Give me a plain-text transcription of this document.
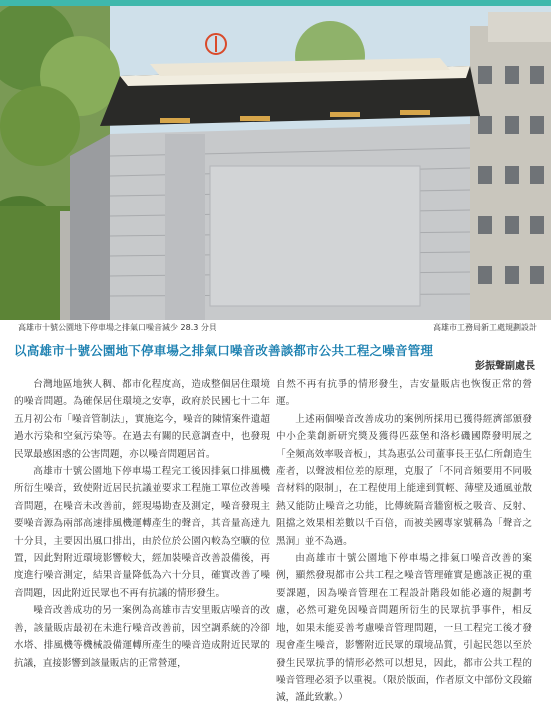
高雄市十號公園地下停車場之排氣口噪音減少 28.3 分貝	高雄市工務局新工處規劃設計
以高雄市十號公園地下停車場之排氣口噪音改善談都市公共工程之噪音管理
彭振聲副處長

台灣地區地狹人稠、都市化程度高，造成整個居住環境的噪音問題。為確保居住環境之安寧，政府於民國七十二年五月初公布「噪音管制法」，實施迄今，噪音的陳情案件遺超過水污染和空氣污染等。在過去有關的民意調查中，也發現民眾最感困惑的公害問題，亦以噪音問題居首。

高雄市十號公園地下停車場工程完工後因排氣口排風機所衍生噪音，致使附近居民抗議並要求工程施工單位改善噪音問題，在噪音未改善前，經現場勘查及測定，噪音發現主要噪音源為兩部高速排風機運轉產生的聲音，其音量高達九十分貝，主要因出風口排出，由於位於公園內較為空曠的位置，因此對附近環境影響較大，經加裝噪音改善設備後，再度進行噪音測定，結果音量降低為六十分貝，確實改善了噪音問題，因此附近民眾也不再有抗議的情形發生。

噪音改善成功的另一案例為高雄市吉安里販店噪音的改善，該量販店最初在未進行噪音改善前，因空調系統的冷卻水塔、排風機等機械設備運轉所產生的噪音造成附近民眾的抗議，直接影響到該量販店的正常營運，

自然不再有抗爭的情形發生，吉安量販店也恢復正常的營運。

上述兩個噪音改善成功的案例所採用已獲得經濟部頒發中小企業創新研究獎及獲得匹茲堡和洛杉磯國際發明展之「全頻高效率吸音板」，其為惠弘公司董事長王弘仁所創造生產者，以聲波相位差的原理，克服了「不同音頻要用不同吸音材料的限制」，在工程使用上能達到質輕、薄壁及通風並散熱又能防止噪音之功能，比傳統隔音牆窗板之吸音、反射、阻擋之效果相差數以千百倍，而被美國專家號稱為「聲音之黑洞」並不為過。

由高雄市十號公園地下停車場之排氣口噪音改善的案例，顯然發現都市公共工程之噪音管理確實是應該正視的重要課題，因為噪音管理在工程設計階段如能必適的規劃考慮，必然可避免因噪音問題所衍生的民眾抗爭事件，相反地，如果未能妥善考慮噪音管理問題，一旦工程完工後才發現會產生噪音，影響附近民眾的環境品質，引起民怨以至於發生民眾抗爭的情形必然可以想見，因此，都市公共工程的噪音管理必須予以重視。（限於版面，作者原文中部份文段縮減，謹此致歉。）
